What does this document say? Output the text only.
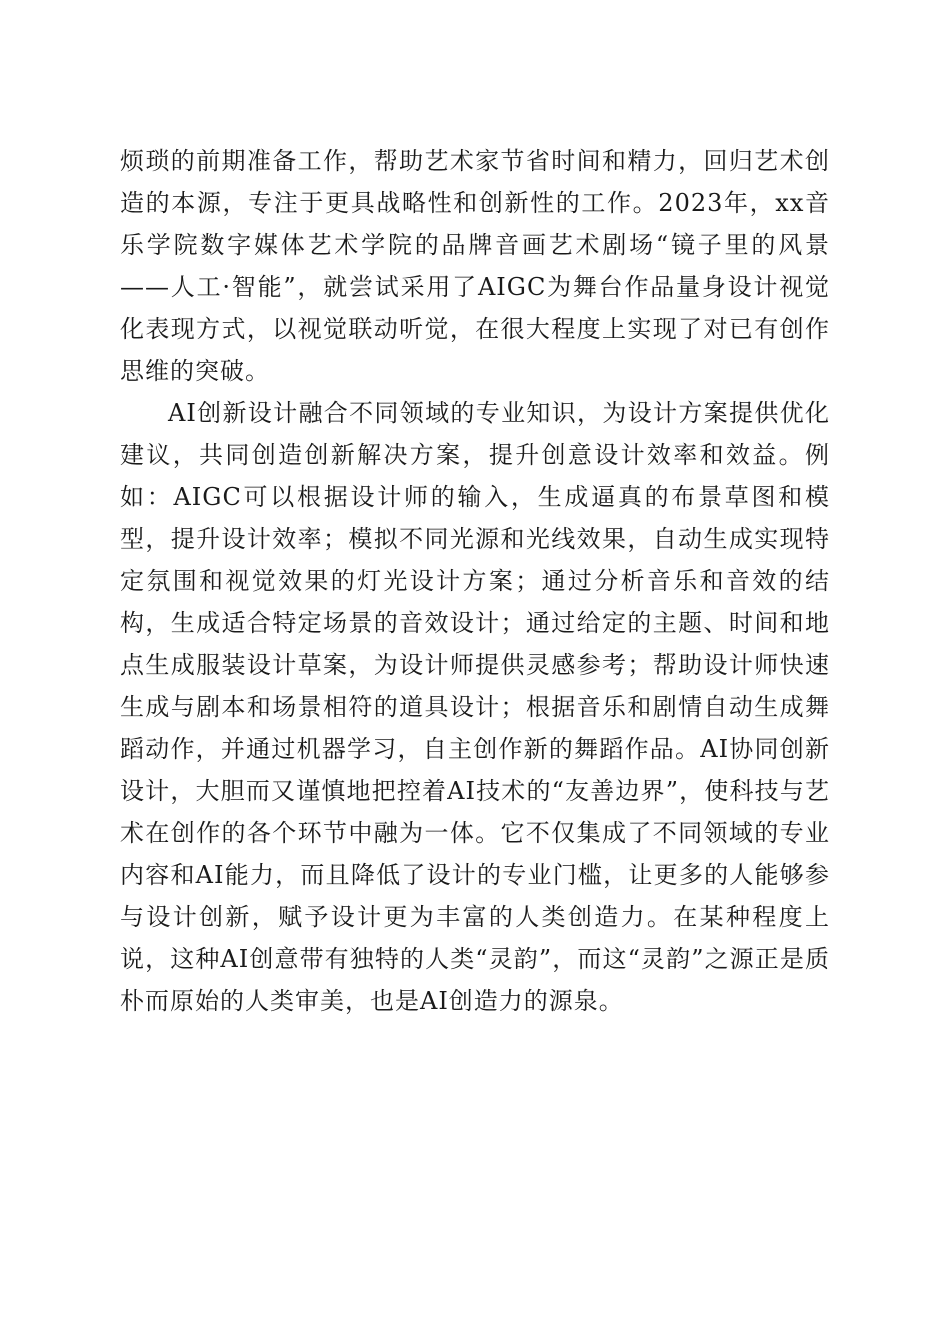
烦琐的前期准备工作，帮助艺术家节省时间和精力，回归艺术创造的本源，专注于更具战略性和创新性的工作。2023年，xx音乐学院数字媒体艺术学院的品牌音画艺术剧场“镜子里的风景——人工·智能”，就尝试采用了AIGC为舞台作品量身设计视觉化表现方式，以视觉联动听觉，在很大程度上实现了对已有创作思维的突破。

AI创新设计融合不同领域的专业知识，为设计方案提供优化建议，共同创造创新解决方案，提升创意设计效率和效益。例如：AIGC可以根据设计师的输入，生成逼真的布景草图和模型，提升设计效率；模拟不同光源和光线效果，自动生成实现特定氛围和视觉效果的灯光设计方案；通过分析音乐和音效的结构，生成适合特定场景的音效设计；通过给定的主题、时间和地点生成服装设计草案，为设计师提供灵感参考；帮助设计师快速生成与剧本和场景相符的道具设计；根据音乐和剧情自动生成舞蹈动作，并通过机器学习，自主创作新的舞蹈作品。AI协同创新设计，大胆而又谨慎地把控着AI技术的“友善边界”，使科技与艺术在创作的各个环节中融为一体。它不仅集成了不同领域的专业内容和AI能力，而且降低了设计的专业门槛，让更多的人能够参与设计创新，赋予设计更为丰富的人类创造力。在某种程度上说，这种AI创意带有独特的人类“灵韵”，而这“灵韵”之源正是质朴而原始的人类审美，也是AI创造力的源泉。
